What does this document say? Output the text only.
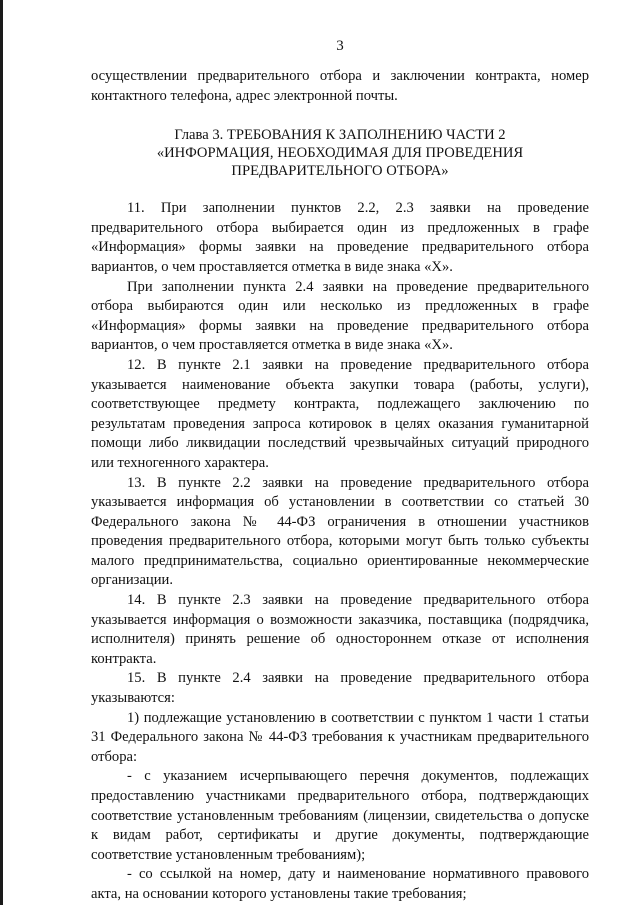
3

осуществлении предварительного отбора и заключении контракта, номер контактного телефона, адрес электронной почты.

Глава 3. ТРЕБОВАНИЯ К ЗАПОЛНЕНИЮ ЧАСТИ 2
«ИНФОРМАЦИЯ, НЕОБХОДИМАЯ ДЛЯ ПРОВЕДЕНИЯ
ПРЕДВАРИТЕЛЬНОГО ОТБОРА»

11. При заполнении пунктов 2.2, 2.3 заявки на проведение предварительного отбора выбирается один из предложенных в графе «Информация» формы заявки на проведение предварительного отбора вариантов, о чем проставляется отметка в виде знака «Х».

При заполнении пункта 2.4 заявки на проведение предварительного отбора выбираются один или несколько из предложенных в графе «Информация» формы заявки на проведение предварительного отбора вариантов, о чем проставляется отметка в виде знака «Х».

12. В пункте 2.1 заявки на проведение предварительного отбора указывается наименование объекта закупки товара (работы, услуги), соответствующее предмету контракта, подлежащего заключению по результатам проведения запроса котировок в целях оказания гуманитарной помощи либо ликвидации последствий чрезвычайных ситуаций природного или техногенного характера.

13. В пункте 2.2 заявки на проведение предварительного отбора указывается информация об установлении в соответствии со статьей 30 Федерального закона № 44-ФЗ ограничения в отношении участников проведения предварительного отбора, которыми могут быть только субъекты малого предпринимательства, социально ориентированные некоммерческие организации.

14. В пункте 2.3 заявки на проведение предварительного отбора указывается информация о возможности заказчика, поставщика (подрядчика, исполнителя) принять решение об одностороннем отказе от исполнения контракта.

15. В пункте 2.4 заявки на проведение предварительного отбора указываются:

1) подлежащие установлению в соответствии с пунктом 1 части 1 статьи 31 Федерального закона № 44-ФЗ требования к участникам предварительного отбора:

- с указанием исчерпывающего перечня документов, подлежащих предоставлению участниками предварительного отбора, подтверждающих соответствие установленным требованиям (лицензии, свидетельства о допуске к видам работ, сертификаты и другие документы, подтверждающие соответствие установленным требованиям);

- со ссылкой на номер, дату и наименование нормативного правового акта, на основании которого установлены такие требования;
